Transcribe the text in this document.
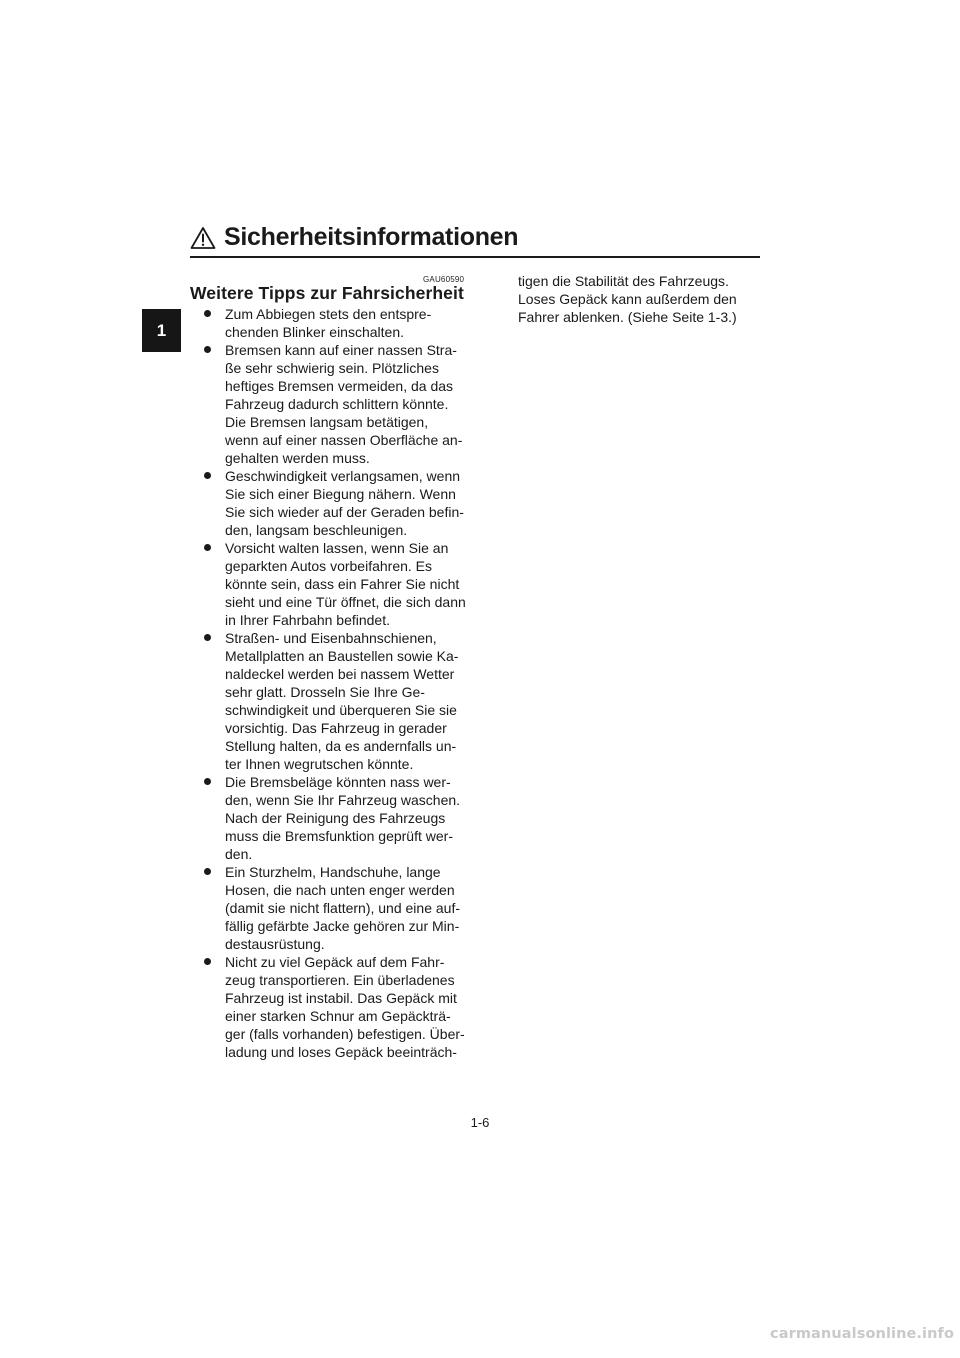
Sicherheitsinformationen
1
GAU60590
Weitere Tipps zur Fahrsicherheit
Zum Abbiegen stets den entspre-
chenden Blinker einschalten.
Bremsen kann auf einer nassen Stra-
ße sehr schwierig sein. Plötzliches
heftiges Bremsen vermeiden, da das
Fahrzeug dadurch schlittern könnte.
Die Bremsen langsam betätigen,
wenn auf einer nassen Oberfläche an-
gehalten werden muss.
Geschwindigkeit verlangsamen, wenn
Sie sich einer Biegung nähern. Wenn
Sie sich wieder auf der Geraden befin-
den, langsam beschleunigen.
Vorsicht walten lassen, wenn Sie an
geparkten Autos vorbeifahren. Es
könnte sein, dass ein Fahrer Sie nicht
sieht und eine Tür öffnet, die sich dann
in Ihrer Fahrbahn befindet.
Straßen- und Eisenbahnschienen,
Metallplatten an Baustellen sowie Ka-
naldeckel werden bei nassem Wetter
sehr glatt. Drosseln Sie Ihre Ge-
schwindigkeit und überqueren Sie sie
vorsichtig. Das Fahrzeug in gerader
Stellung halten, da es andernfalls un-
ter Ihnen wegrutschen könnte.
Die Bremsbeläge könnten nass wer-
den, wenn Sie Ihr Fahrzeug waschen.
Nach der Reinigung des Fahrzeugs
muss die Bremsfunktion geprüft wer-
den.
Ein Sturzhelm, Handschuhe, lange
Hosen, die nach unten enger werden
(damit sie nicht flattern), und eine auf-
fällig gefärbte Jacke gehören zur Min-
destausrüstung.
Nicht zu viel Gepäck auf dem Fahr-
zeug transportieren. Ein überladenes
Fahrzeug ist instabil. Das Gepäck mit
einer starken Schnur am Gepäckträ-
ger (falls vorhanden) befestigen. Über-
ladung und loses Gepäck beeinträch-
tigen die Stabilität des Fahrzeugs.
Loses Gepäck kann außerdem den
Fahrer ablenken. (Siehe Seite 1-3.)
1-6
carmanualsonline.info
